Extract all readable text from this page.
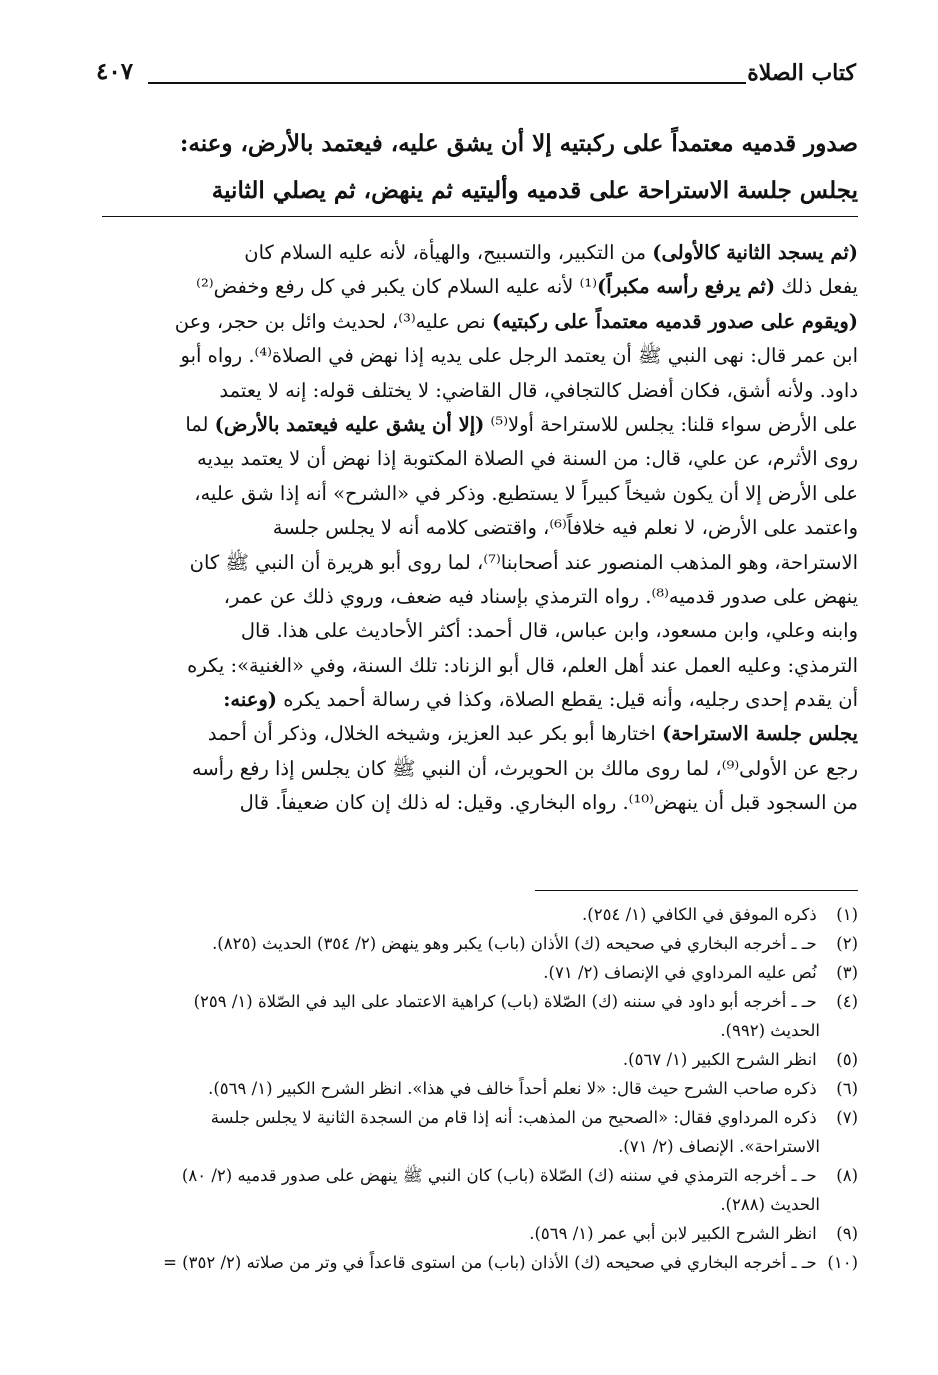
كتاب الصلاة
٤٠٧
صدور قدميه معتمداً على ركبتيه إلا أن يشق عليه، فيعتمد بالأرض، وعنه:
يجلس جلسة الاستراحة على قدميه وأليتيه ثم ينهض، ثم يصلي الثانية
(ثم يسجد الثانية كالأولى) من التكبير، والتسبيح، والهيأة، لأنه عليه السلام كان
يفعل ذلك (ثم يرفع رأسه مكبراً)⁽¹⁾ لأنه عليه السلام كان يكبر في كل رفع وخفض⁽²⁾
(ويقوم على صدور قدميه معتمداً على ركبتيه) نص عليه⁽³⁾، لحديث وائل بن حجر، وعن
ابن عمر قال: نهى النبي ﷺ أن يعتمد الرجل على يديه إذا نهض في الصلاة⁽⁴⁾. رواه أبو
داود. ولأنه أشق، فكان أفضل كالتجافي، قال القاضي: لا يختلف قوله: إنه لا يعتمد
على الأرض سواء قلنا: يجلس للاستراحة أولا⁽⁵⁾ (إلا أن يشق عليه فيعتمد بالأرض) لما
روى الأثرم، عن علي، قال: من السنة في الصلاة المكتوبة إذا نهض أن لا يعتمد بيديه
على الأرض إلا أن يكون شيخاً كبيراً لا يستطيع. وذكر في «الشرح» أنه إذا شق عليه،
واعتمد على الأرض، لا نعلم فيه خلافاً⁽⁶⁾، واقتضى كلامه أنه لا يجلس جلسة
الاستراحة، وهو المذهب المنصور عند أصحابنا⁽⁷⁾، لما روى أبو هريرة أن النبي ﷺ كان
ينهض على صدور قدميه⁽⁸⁾. رواه الترمذي بإسناد فيه ضعف، وروي ذلك عن عمر،
وابنه وعلي، وابن مسعود، وابن عباس، قال أحمد: أكثر الأحاديث على هذا. قال
الترمذي: وعليه العمل عند أهل العلم، قال أبو الزناد: تلك السنة، وفي «الغنية»: يكره
أن يقدم إحدى رجليه، وأنه قيل: يقطع الصلاة، وكذا في رسالة أحمد يكره (وعنه:
يجلس جلسة الاستراحة) اختارها أبو بكر عبد العزيز، وشيخه الخلال، وذكر أن أحمد
رجع عن الأولى⁽⁹⁾، لما روى مالك بن الحويرث، أن النبي ﷺ كان يجلس إذا رفع رأسه
من السجود قبل أن ينهض⁽¹⁰⁾. رواه البخاري. وقيل: له ذلك إن كان ضعيفاً. قال
(١) ذكره الموفق في الكافي (١/ ٢٥٤).
(٢) حـ ـ أخرجه البخاري في صحيحه (ك) الأذان (باب) يكبر وهو ينهض (٢/ ٣٥٤) الحديث (٨٢٥).
(٣) نُص عليه المرداوي في الإنصاف (٢/ ٧١).
(٤) حـ ـ أخرجه أبو داود في سننه (ك) الصّلاة (باب) كراهية الاعتماد على اليد في الصّلاة (١/ ٢٥٩)
الحديث (٩٩٢).
(٥) انظر الشرح الكبير (١/ ٥٦٧).
(٦) ذكره صاحب الشرح حيث قال: «لا نعلم أحداً خالف في هذا». انظر الشرح الكبير (١/ ٥٦٩).
(٧) ذكره المرداوي فقال: «الصحيح من المذهب: أنه إذا قام من السجدة الثانية لا يجلس جلسة
الاستراحة». الإنصاف (٢/ ٧١).
(٨) حـ ـ أخرجه الترمذي في سننه (ك) الصّلاة (باب) كان النبي ﷺ ينهض على صدور قدميه (٢/ ٨٠)
الحديث (٢٨٨).
(٩) انظر الشرح الكبير لابن أبي عمر (١/ ٥٦٩).
(١٠) حـ ـ أخرجه البخاري في صحيحه (ك) الأذان (باب) من استوى قاعداً في وتر من صلاته (٢/ ٣٥٢) =
